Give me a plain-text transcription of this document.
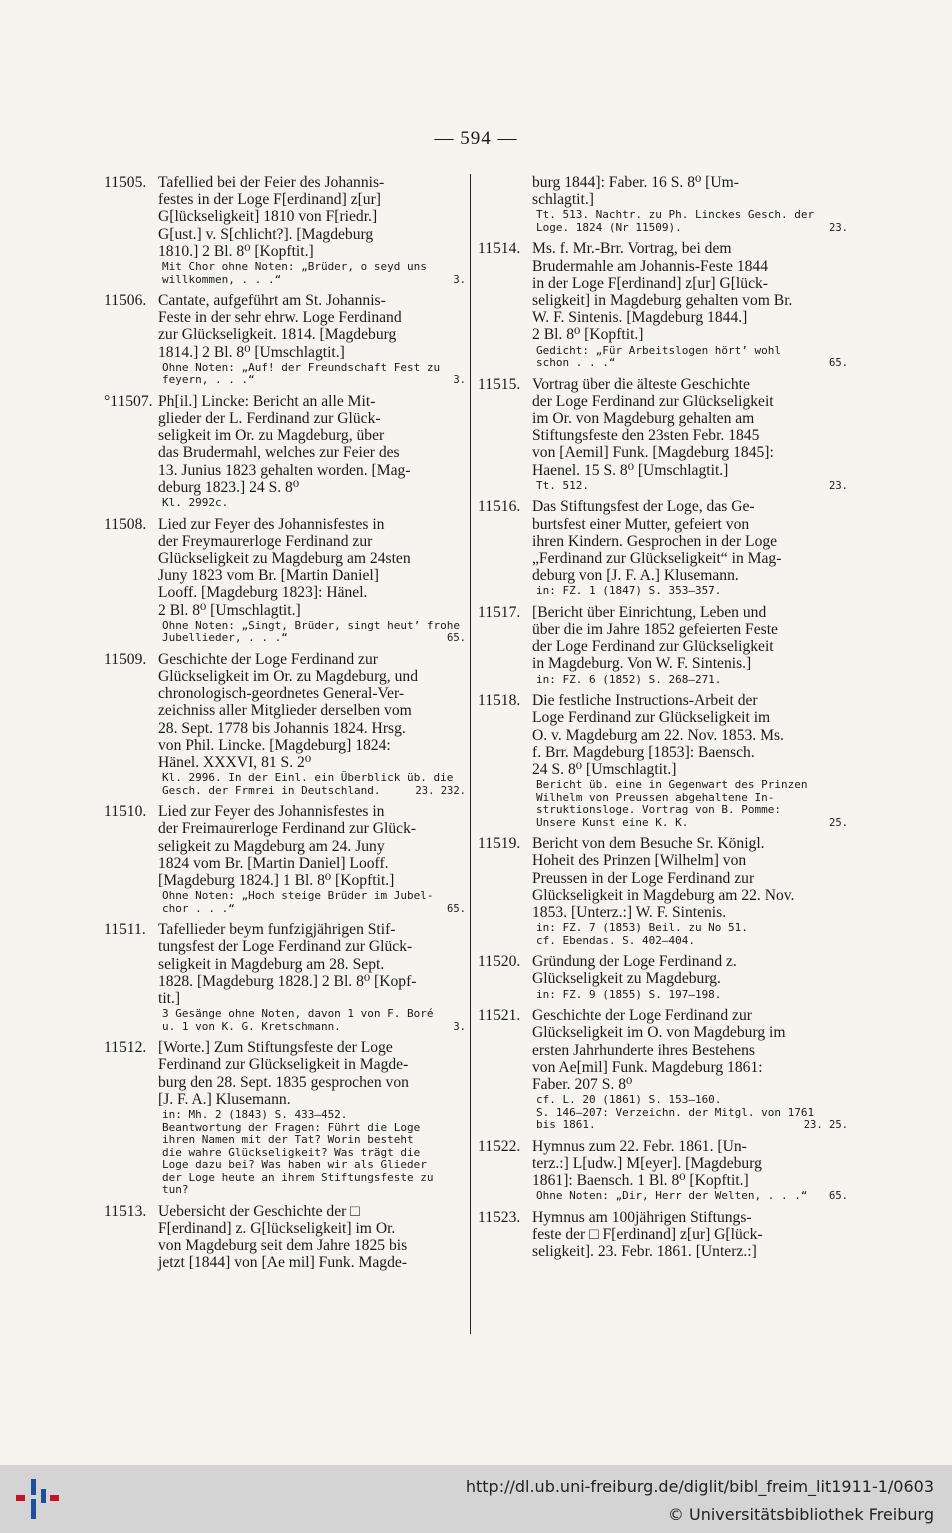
— 594 —
11505. Tafellied bei der Feier des Johannis-
festes in der Loge F[erdinand] z[ur]
G[lückseligkeit] 1810 von F[riedr.]
G[ust.] v. S[chlicht?]. [Magdeburg
1810.] 2 Bl. 8⁰ [Kopftit.]
Mit Chor ohne Noten: „Brüder, o seyd uns
willkommen, . . .“	3.
11506. Cantate, aufgeführt am St. Johannis-
Feste in der sehr ehrw. Loge Ferdinand
zur Glückseligkeit. 1814. [Magdeburg
1814.] 2 Bl. 8⁰ [Umschlagtit.]
Ohne Noten: „Auf! der Freundschaft Fest zu
feyern, . . .“	3.
°11507. Ph[il.] Lincke: Bericht an alle Mit-
glieder der L. Ferdinand zur Glück-
seligkeit im Or. zu Magdeburg, über
das Brudermahl, welches zur Feier des
13. Junius 1823 gehalten worden. [Mag-
deburg 1823.] 24 S. 8⁰
Kl. 2992c.
11508. Lied zur Feyer des Johannisfestes in
der Freymaurerloge Ferdinand zur
Glückseligkeit zu Magdeburg am 24sten
Juny 1823 vom Br. [Martin Daniel]
Looff. [Magdeburg 1823]: Hänel.
2 Bl. 8⁰ [Umschlagtit.]
Ohne Noten: „Singt, Brüder, singt heut’ frohe
Jubellieder, . . .“	65.
11509. Geschichte der Loge Ferdinand zur
Glückseligkeit im Or. zu Magdeburg, und
chronologisch-geordnetes General-Ver-
zeichniss aller Mitglieder derselben vom
28. Sept. 1778 bis Johannis 1824. Hrsg.
von Phil. Lincke. [Magdeburg] 1824:
Hänel. XXXVI, 81 S. 2⁰
Kl. 2996. In der Einl. ein Überblick üb. die
Gesch. der Frmrei in Deutschland.	23. 232.
11510. Lied zur Feyer des Johannisfestes in
der Freimaurerloge Ferdinand zur Glück-
seligkeit zu Magdeburg am 24. Juny
1824 vom Br. [Martin Daniel] Looff.
[Magdeburg 1824.] 1 Bl. 8⁰ [Kopftit.]
Ohne Noten: „Hoch steige Brüder im Jubel-
chor . . .“	65.
11511. Tafellieder beym funfzigjährigen Stif-
tungsfest der Loge Ferdinand zur Glück-
seligkeit in Magdeburg am 28. Sept.
1828. [Magdeburg 1828.] 2 Bl. 8⁰ [Kopf-
tit.]
3 Gesänge ohne Noten, davon 1 von F. Boré
u. 1 von K. G. Kretschmann.	3.
11512. [Worte.] Zum Stiftungsfeste der Loge
Ferdinand zur Glückseligkeit in Magde-
burg den 28. Sept. 1835 gesprochen von
[J. F. A.] Klusemann.
in: Mh. 2 (1843) S. 433—452.
Beantwortung der Fragen: Führt die Loge
ihren Namen mit der Tat? Worin besteht
die wahre Glückseligkeit? Was trägt die
Loge dazu bei? Was haben wir als Glieder
der Loge heute an ihrem Stiftungsfeste zu
tun?
11513. Uebersicht der Geschichte der □
F[erdinand] z. G[lückseligkeit] im Or.
von Magdeburg seit dem Jahre 1825 bis
jetzt [1844] von [Ae mil] Funk. Magde-
burg 1844]: Faber. 16 S. 8⁰ [Um-
schlagtit.]
Tt. 513. Nachtr. zu Ph. Linckes Gesch. der
Loge. 1824 (Nr 11509).	23.
11514. Ms. f. Mr.-Brr. Vortrag, bei dem
Brudermahle am Johannis-Feste 1844
in der Loge F[erdinand] z[ur] G[lück-
seligkeit] in Magdeburg gehalten vom Br.
W. F. Sintenis. [Magdeburg 1844.]
2 Bl. 8⁰ [Kopftit.]
Gedicht: „Für Arbeitslogen hört’ wohl
schon . . .“	65.
11515. Vortrag über die älteste Geschichte
der Loge Ferdinand zur Glückseligkeit
im Or. von Magdeburg gehalten am
Stiftungsfeste den 23sten Febr. 1845
von [Aemil] Funk. [Magdeburg 1845]:
Haenel. 15 S. 8⁰ [Umschlagtit.]
Tt. 512.	23.
11516. Das Stiftungsfest der Loge, das Ge-
burtsfest einer Mutter, gefeiert von
ihren Kindern. Gesprochen in der Loge
„Ferdinand zur Glückseligkeit“ in Mag-
deburg von [J. F. A.] Klusemann.
in: FZ. 1 (1847) S. 353—357.
11517. [Bericht über Einrichtung, Leben und
über die im Jahre 1852 gefeierten Feste
der Loge Ferdinand zur Glückseligkeit
in Magdeburg. Von W. F. Sintenis.]
in: FZ. 6 (1852) S. 268—271.
11518. Die festliche Instructions-Arbeit der
Loge Ferdinand zur Glückseligkeit im
O. v. Magdeburg am 22. Nov. 1853. Ms.
f. Brr. Magdeburg [1853]: Baensch.
24 S. 8⁰ [Umschlagtit.]
Bericht üb. eine in Gegenwart des Prinzen
Wilhelm von Preussen abgehaltene In-
struktionsloge. Vortrag von B. Pomme:
Unsere Kunst eine K. K.	25.
11519. Bericht von dem Besuche Sr. Königl.
Hoheit des Prinzen [Wilhelm] von
Preussen in der Loge Ferdinand zur
Glückseligkeit in Magdeburg am 22. Nov.
1853. [Unterz.:] W. F. Sintenis.
in: FZ. 7 (1853) Beil. zu No 51.
cf. Ebendas. S. 402—404.
11520. Gründung der Loge Ferdinand z.
Glückseligkeit zu Magdeburg.
in: FZ. 9 (1855) S. 197—198.
11521. Geschichte der Loge Ferdinand zur
Glückseligkeit im O. von Magdeburg im
ersten Jahrhunderte ihres Bestehens
von Ae[mil] Funk. Magdeburg 1861:
Faber. 207 S. 8⁰
cf. L. 20 (1861) S. 153—160.
S. 146—207: Verzeichn. der Mitgl. von 1761
bis 1861.	23. 25.
11522. Hymnus zum 22. Febr. 1861. [Un-
terz.:] L[udw.] M[eyer]. [Magdeburg
1861]: Baensch. 1 Bl. 8⁰ [Kopftit.]
Ohne Noten: „Dir, Herr der Welten, . . .“	65.
11523. Hymnus am 100jährigen Stiftungs-
feste der □ F[erdinand] z[ur] G[lück-
seligkeit]. 23. Febr. 1861. [Unterz.:]
http://dl.ub.uni-freiburg.de/diglit/bibl_freim_lit1911-1/0603
© Universitätsbibliothek Freiburg
